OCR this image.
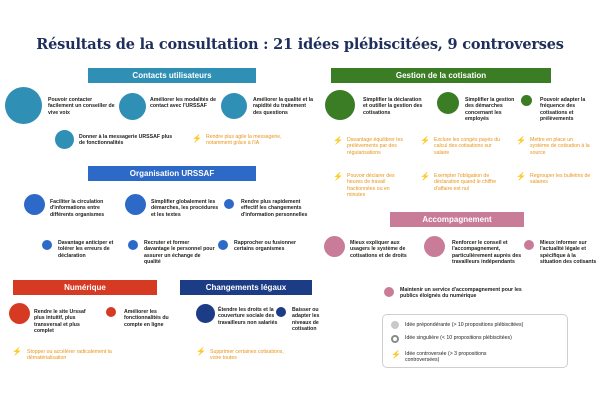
Résultats de la consultation : 21 idées plébiscitées, 9 controverses
Contacts utilisateurs
Pouvoir contacter facilement un conseiller de vive voix
Améliorer les modalités de contact avec l'URSSAF
Améliorer la qualité et la rapidité du traitement des questions
Donner à la messagerie URSSAF plus de fonctionnalités
⚡ Rendre plus agile la messagerie, notamment grâce à l'IA
Organisation URSSAF
Faciliter la circulation d'informations entre différents organismes
Simplifier globalement les démarches, les procédures et les textes
Rendre plus rapidement effectif les changements d'information personnelles
Davantage anticiper et tolérer les erreurs de déclaration
Recruter et former davantage le personnel pour assurer un échange de qualité
Rapprocher ou fusionner certains organismes
Numérique
Rendre le site Urssaf plus intuitif, plus transversal et plus complet
Améliorer les fonctionnalités du compte en ligne
⚡ Stopper ou accélérer radicalement la dématérialisation
Changements légaux
Étendre les droits et la couverture sociale des travailleurs non salariés
Baisser ou adapter les niveaux de cotisation
⚡ Supprimer certaines cotisations, voire toutes
Gestion de la cotisation
Simplifier la déclaration et outiller la gestion des cotisations
Simplifier la gestion des démarches concernant les employés
Pouvoir adapter la fréquence des cotisations et prélèvements
⚡ Davantage équilibrer les prélèvements par des régularisations
⚡ Exclure les congés payés du calcul des cotisations sur salaire
⚡ Mettre en place un système de cotisation à la source
⚡ Pouvoir déclarer des heures de travail fractionnées ou en minutes
⚡ Exempter l'obligation de déclaration quand le chiffre d'affaire est nul
⚡ Regrouper les bulletins de salaires
Accompagnement
Mieux expliquer aux usagers le système de cotisations et de droits
Renforcer le conseil et l'accompagnement, particulièrement auprès des travailleurs indépendants
Mieux informer sur l'actualité légale et spécifique à la situation des cotisants
Maintenir un service d'accompagnement pour les publics éloignés du numérique
Idée prépondérante (> 10 propositions plébiscitées)
Idée singulière (< 10 propositions plébiscitées)
⚡ Idée controversée (> 3 propositions controversées)
